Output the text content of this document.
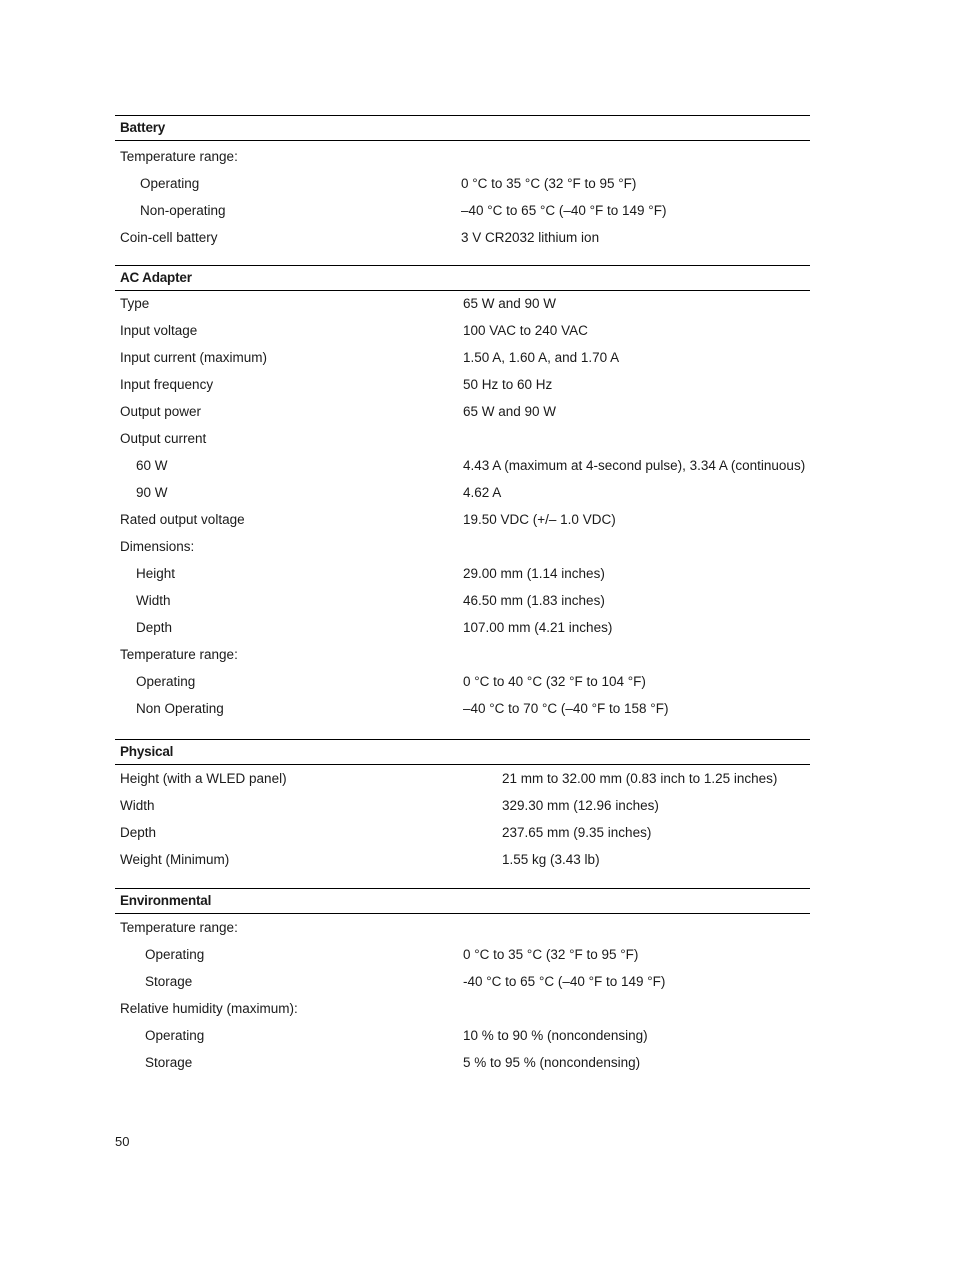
Battery
Temperature range:
Operating	0 °C to 35 °C (32 °F to 95 °F)
Non-operating	–40 °C to 65 °C (–40 °F to 149 °F)
Coin-cell battery	3 V CR2032 lithium ion
AC Adapter
Type	65 W and 90 W
Input voltage	100 VAC to 240 VAC
Input current (maximum)	1.50 A, 1.60 A, and 1.70 A
Input frequency	50 Hz to 60 Hz
Output power	65 W and 90 W
Output current
60 W	4.43 A (maximum at 4-second pulse), 3.34 A (continuous)
90 W	4.62 A
Rated output voltage	19.50 VDC (+/– 1.0 VDC)
Dimensions:
Height	29.00 mm (1.14 inches)
Width	46.50 mm (1.83 inches)
Depth	107.00 mm (4.21 inches)
Temperature range:
Operating	0 °C to 40 °C (32 °F to 104 °F)
Non Operating	–40 °C to 70 °C (–40 °F to 158 °F)
Physical
Height (with a WLED panel)	21 mm to 32.00 mm (0.83 inch to 1.25 inches)
Width	329.30 mm (12.96 inches)
Depth	237.65 mm (9.35 inches)
Weight (Minimum)	1.55 kg (3.43 lb)
Environmental
Temperature range:
Operating	0 °C to 35 °C (32 °F to 95 °F)
Storage	-40 °C to 65 °C (–40 °F to 149 °F)
Relative humidity (maximum):
Operating	10 % to 90 % (noncondensing)
Storage	5 % to 95 % (noncondensing)
50
